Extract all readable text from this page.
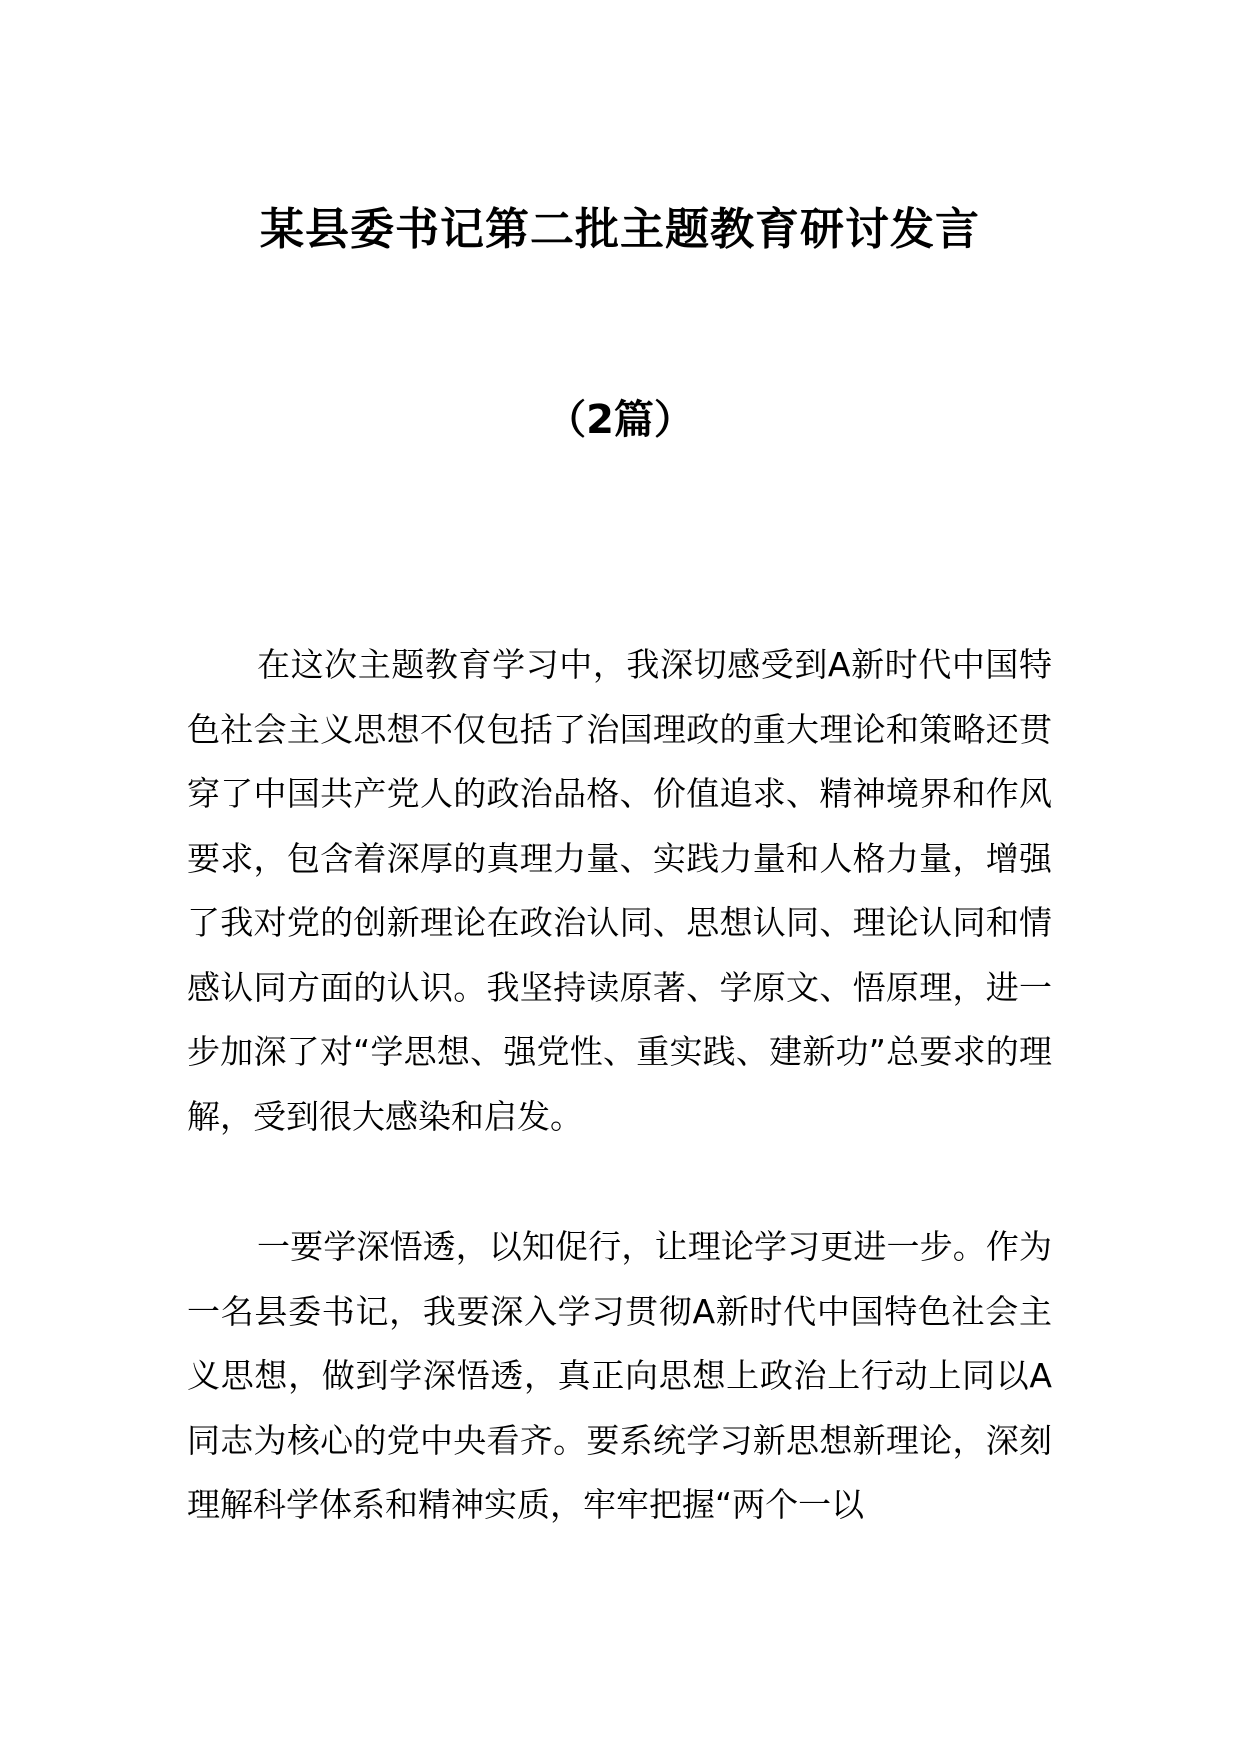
某县委书记第二批主题教育研讨发言
（2篇）

在这次主题教育学习中，我深切感受到A新时代中国特色社会主义思想不仅包括了治国理政的重大理论和策略还贯穿了中国共产党人的政治品格、价值追求、精神境界和作风要求，包含着深厚的真理力量、实践力量和人格力量，增强了我对党的创新理论在政治认同、思想认同、理论认同和情感认同方面的认识。我坚持读原著、学原文、悟原理，进一步加深了对“学思想、强党性、重实践、建新功”总要求的理解，受到很大感染和启发。

一要学深悟透，以知促行，让理论学习更进一步。作为一名县委书记，我要深入学习贯彻A新时代中国特色社会主义思想，做到学深悟透，真正向思想上政治上行动上同以A同志为核心的党中央看齐。要系统学习新思想新理论，深刻理解科学体系和精神实质，牢牢把握“两个一以
